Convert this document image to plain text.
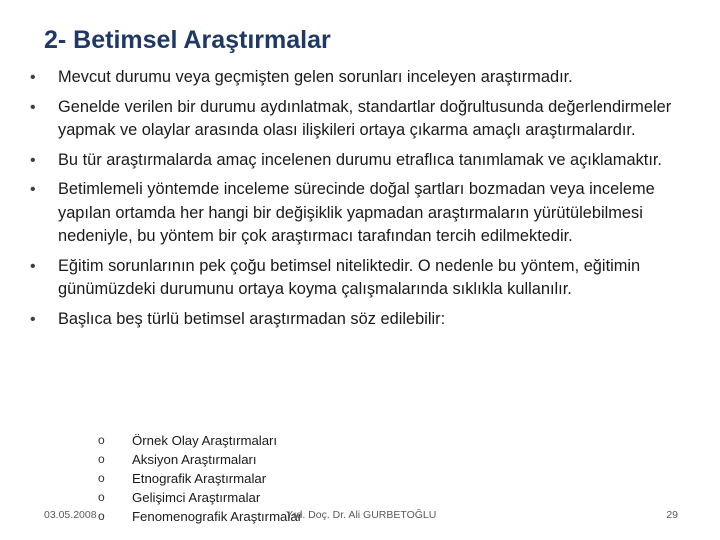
2- Betimsel Araştırmalar
• Mevcut durumu veya geçmişten gelen sorunları inceleyen araştırmadır.
• Genelde verilen bir durumu aydınlatmak, standartlar doğrultusunda değerlendirmeler yapmak ve olaylar arasında olası ilişkileri ortaya çıkarma amaçlı araştırmalardır.
• Bu tür araştırmalarda amaç incelenen durumu etraflıca tanımlamak ve açıklamaktır.
• Betimlemeli yöntemde inceleme sürecinde doğal şartları bozmadan veya inceleme yapılan ortamda her hangi bir değişiklik yapmadan araştırmaların yürütülebilmesi nedeniyle, bu yöntem bir çok araştırmacı tarafından tercih edilmektedir.
• Eğitim sorunlarının pek çoğu betimsel niteliktedir. O nedenle bu yöntem, eğitimin günümüzdeki durumunu ortaya koyma çalışmalarında sıklıkla kullanılır.
• Başlıca beş türlü betimsel araştırmadan söz edilebilir:
o Örnek Olay Araştırmaları
o Aksiyon Araştırmaları
o Etnografik Araştırmalar
o Gelişimci Araştırmalar
o Fenomenografik Araştırmalar
03.05.2008	Yrd. Doç. Dr. Ali GURBETOĞLU	29
